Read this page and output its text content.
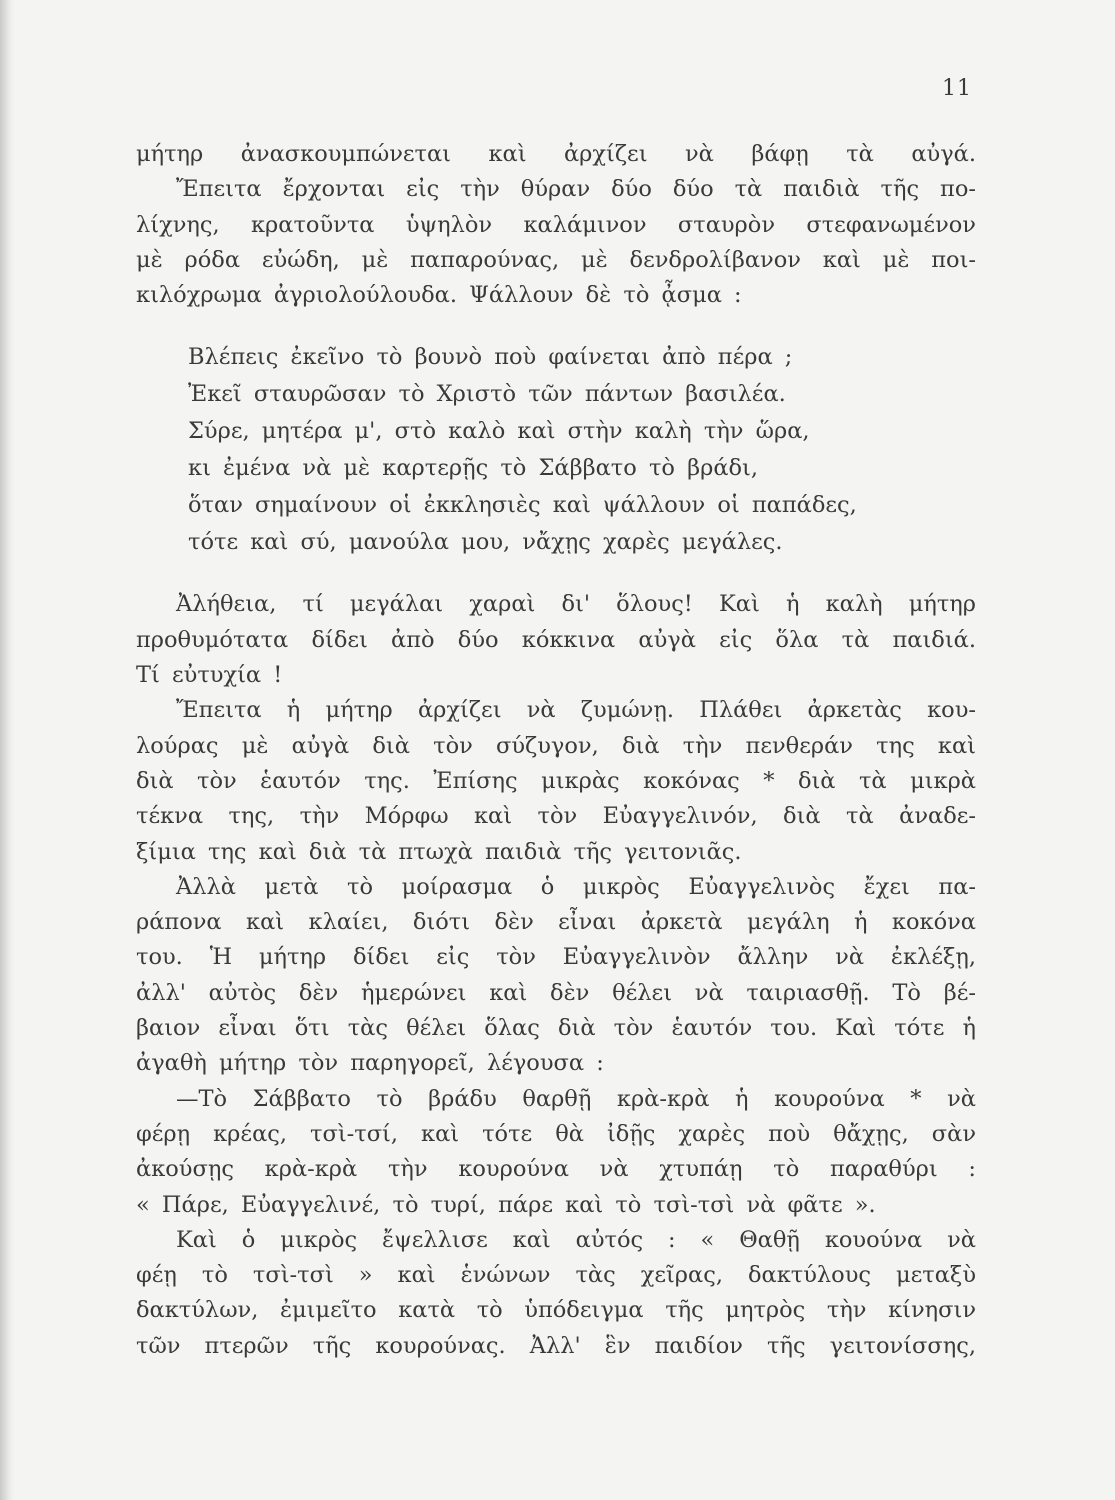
11
μήτηρ ἀνασκουμπώνεται καὶ ἀρχίζει νὰ βάφῃ τὰ αὐγά.
Ἔπειτα ἔρχονται εἰς τὴν θύραν δύο δύο τὰ παιδιὰ τῆς πο-
λίχνης, κρατοῦντα ὑψηλὸν καλάμινον σταυρὸν στεφανωμένον
μὲ ρόδα εὐώδη, μὲ παπαρούνας, μὲ δενδρολίβανον καὶ μὲ ποι-
κιλόχρωμα ἀγριολούλουδα. Ψάλλουν δὲ τὸ ᾆσμα :
Βλέπεις ἐκεῖνο τὸ βουνὸ ποὺ φαίνεται ἀπὸ πέρα ;
Ἐκεῖ σταυρῶσαν τὸ Χριστὸ τῶν πάντων βασιλέα.
Σύρε, μητέρα μ', στὸ καλὸ καὶ στὴν καλὴ τὴν ὥρα,
κι ἐμένα νὰ μὲ καρτερῇς τὸ Σάββατο τὸ βράδι,
ὅταν σημαίνουν οἱ ἐκκλησιὲς καὶ ψάλλουν οἱ παπάδες,
τότε καὶ σύ, μανούλα μου, νἄχῃς χαρὲς μεγάλες.
Ἀλήθεια, τί μεγάλαι χαραὶ δι' ὅλους! Καὶ ἡ καλὴ μήτηρ
προθυμότατα δίδει ἀπὸ δύο κόκκινα αὐγὰ εἰς ὅλα τὰ παιδιά.
Τί εὐτυχία !
Ἔπειτα ἡ μήτηρ ἀρχίζει νὰ ζυμώνῃ. Πλάθει ἀρκετὰς κου-
λούρας μὲ αὐγὰ διὰ τὸν σύζυγον, διὰ τὴν πενθεράν της καὶ
διὰ τὸν ἑαυτόν της. Ἐπίσης μικρὰς κοκόνας * διὰ τὰ μικρὰ
τέκνα της, τὴν Μόρφω καὶ τὸν Εὐαγγελινόν, διὰ τὰ ἀναδε-
ξίμια της καὶ διὰ τὰ πτωχὰ παιδιὰ τῆς γειτονιᾶς.
Ἀλλὰ μετὰ τὸ μοίρασμα ὁ μικρὸς Εὐαγγελινὸς ἔχει πα-
ράπονα καὶ κλαίει, διότι δὲν εἶναι ἀρκετὰ μεγάλη ἡ κοκόνα
του. Ἡ μήτηρ δίδει εἰς τὸν Εὐαγγελινὸν ἄλλην νὰ ἐκλέξῃ,
ἀλλ' αὐτὸς δὲν ἡμερώνει καὶ δὲν θέλει νὰ ταιριασθῇ. Τὸ βέ-
βαιον εἶναι ὅτι τὰς θέλει ὅλας διὰ τὸν ἑαυτόν του. Καὶ τότε ἡ
ἀγαθὴ μήτηρ τὸν παρηγορεῖ, λέγουσα :
—Τὸ Σάββατο τὸ βράδυ θαρθῇ κρὰ-κρὰ ἡ κουρούνα * νὰ
φέρῃ κρέας, τσὶ-τσί, καὶ τότε θὰ ἰδῇς χαρὲς ποὺ θἄχῃς, σὰν
ἀκούσῃς κρὰ-κρὰ τὴν κουρούνα νὰ χτυπάῃ τὸ παραθύρι :
« Πάρε, Εὐαγγελινέ, τὸ τυρί, πάρε καὶ τὸ τσὶ-τσὶ νὰ φᾶτε ».
Καὶ ὁ μικρὸς ἔψελλισε καὶ αὐτός : « Θαθῇ κουούνα νὰ
φέῃ τὸ τσὶ-τσὶ » καὶ ἑνώνων τὰς χεῖρας, δακτύλους μεταξὺ
δακτύλων, ἐμιμεῖτο κατὰ τὸ ὑπόδειγμα τῆς μητρὸς τὴν κίνησιν
τῶν πτερῶν τῆς κουρούνας. Ἀλλ' ἓν παιδίον τῆς γειτονίσσης,
